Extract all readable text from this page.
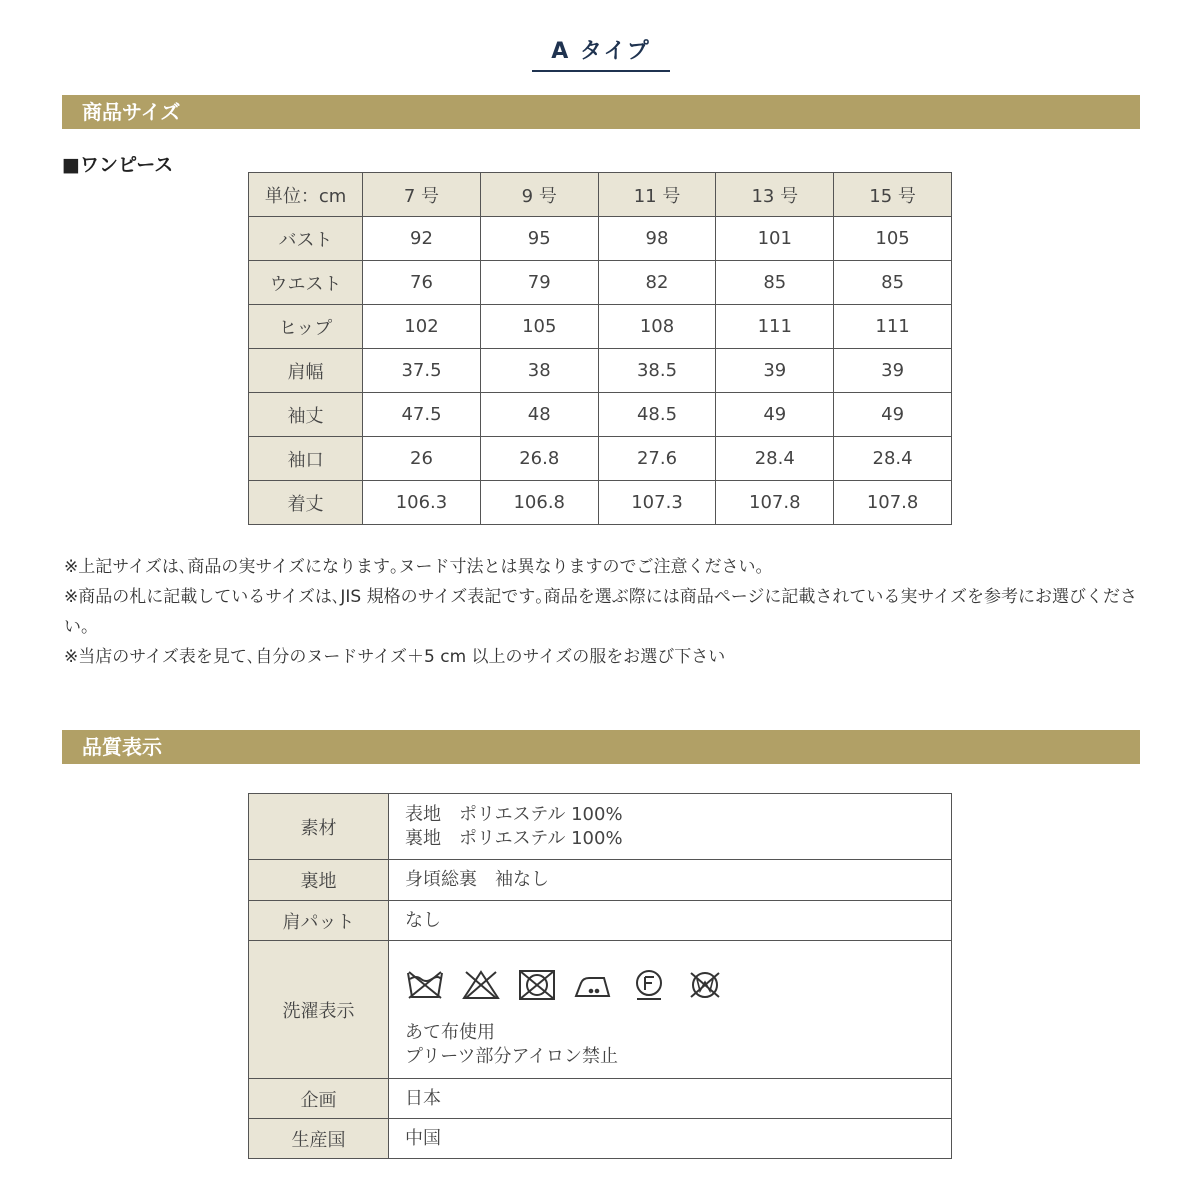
A タイプ
商品サイズ
■ワンピース
単位：cm	7 号	9 号	11 号	13 号	15 号
バスト	92	95	98	101	105
ウエスト	76	79	82	85	85
ヒップ	102	105	108	111	111
肩幅	37.5	38	38.5	39	39
袖丈	47.5	48	48.5	49	49
袖口	26	26.8	27.6	28.4	28.4
着丈	106.3	106.8	107.3	107.8	107.8

※上記サイズは､商品の実サイズになります｡ヌード寸法とは異なりますのでご注意ください｡

※商品の札に記載しているサイズは､JIS 規格のサイズ表記です｡商品を選ぶ際には商品ページに記載されている実サイズを参考にお選びください｡

※当店のサイズ表を見て､自分のヌードサイズ＋5 cm 以上のサイズの服をお選び下さい

品質表示
素材	表地　ポリエステル 100%
裏地　ポリエステル 100%

裏地	身頃総裏　袖なし
肩パット	なし
洗濯表示	あて布使用
プリーツ部分アイロン禁止

企画	日本
生産国	中国
